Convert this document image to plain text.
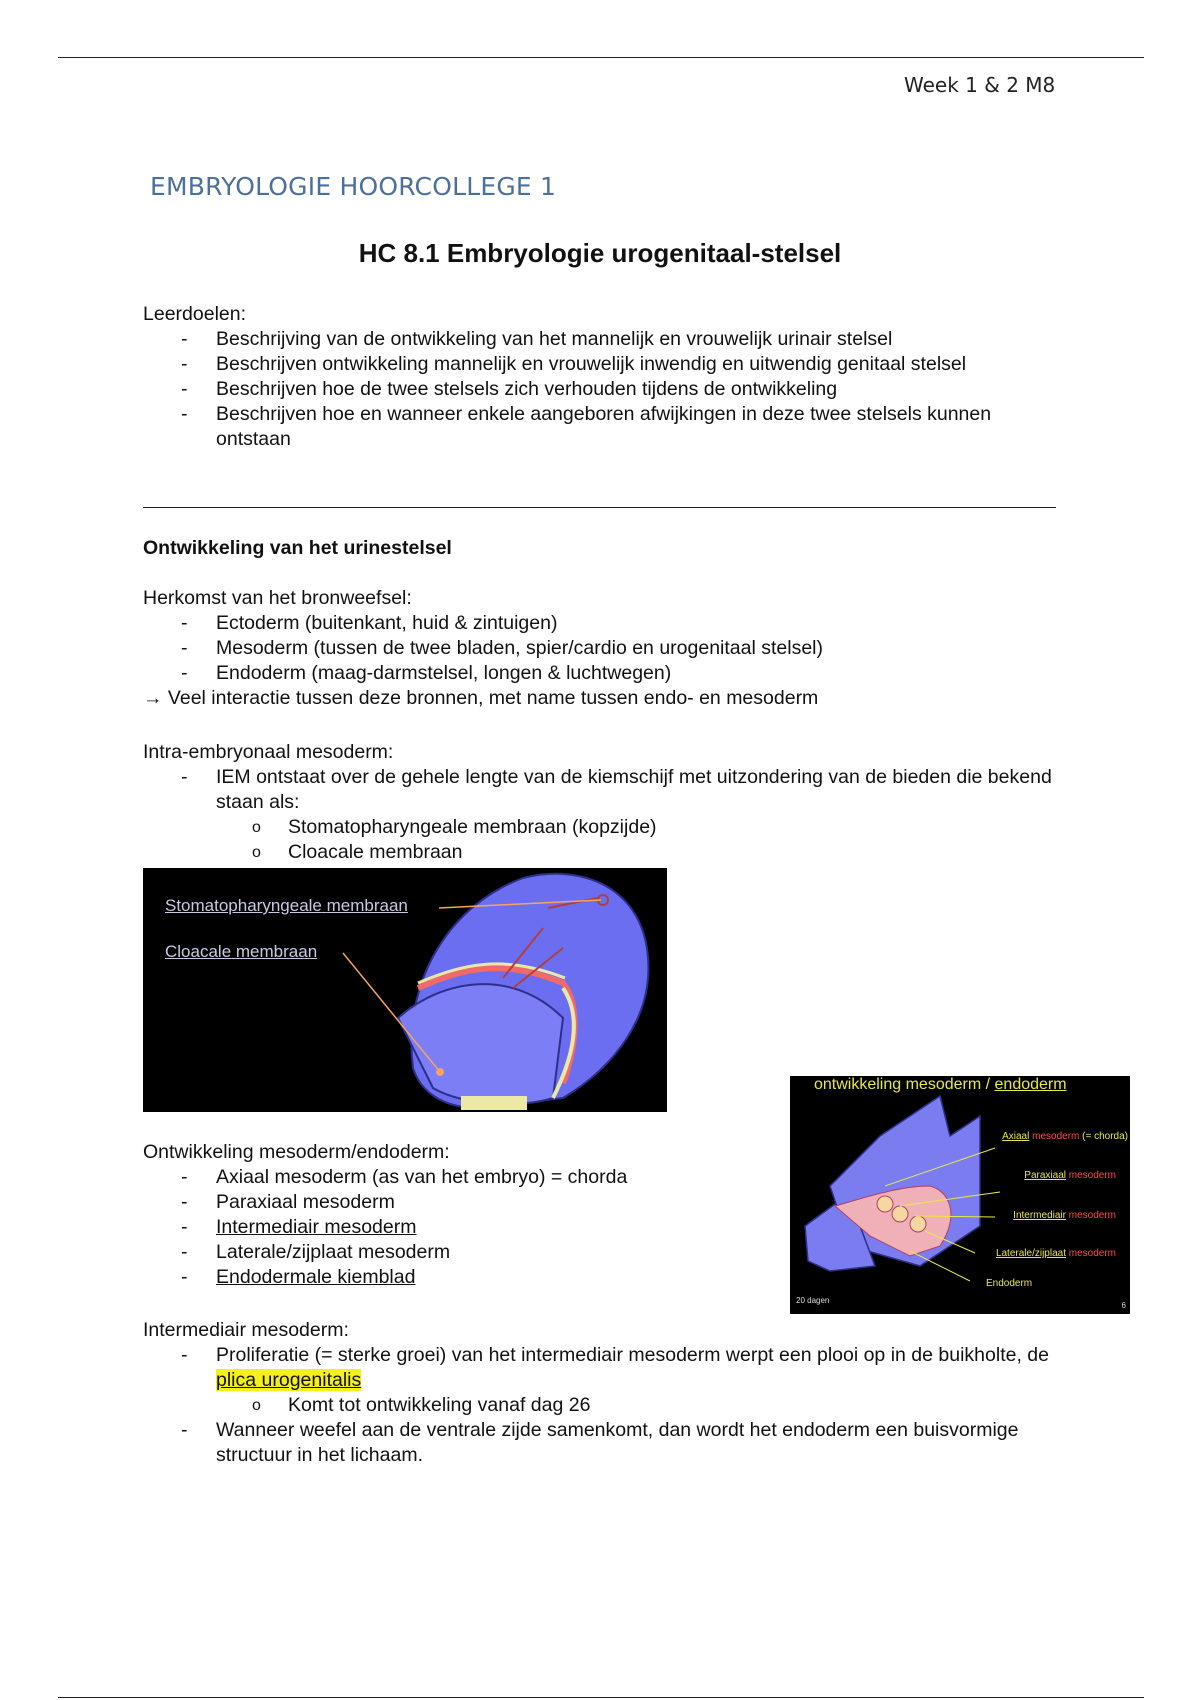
Week 1 & 2 M8
EMBRYOLOGIE HOORCOLLEGE 1
HC 8.1 Embryologie urogenitaal-stelsel
Leerdoelen:
- Beschrijving van de ontwikkeling van het mannelijk en vrouwelijk urinair stelsel
- Beschrijven ontwikkeling mannelijk en vrouwelijk inwendig en uitwendig genitaal stelsel
- Beschrijven hoe de twee stelsels zich verhouden tijdens de ontwikkeling
- Beschrijven hoe en wanneer enkele aangeboren afwijkingen in deze twee stelsels kunnen ontstaan
Ontwikkeling van het urinestelsel
Herkomst van het bronweefsel:
- Ectoderm (buitenkant, huid & zintuigen)
- Mesoderm (tussen de twee bladen, spier/cardio en urogenitaal stelsel)
- Endoderm (maag-darmstelsel, longen & luchtwegen)
→ Veel interactie tussen deze bronnen, met name tussen endo- en mesoderm
Intra-embryonaal mesoderm:
- IEM ontstaat over de gehele lengte van de kiemschijf met uitzondering van de bieden die bekend staan als:
o Stomatopharyngeale membraan (kopzijde)
o Cloacale membraan
Stomatopharyngeale membraan
Cloacale membraan
ontwikkeling mesoderm / endoderm
Axiaal mesoderm (= chorda)
Paraxiaal mesoderm
Intermediair mesoderm
Laterale/zijplaat mesoderm
Endoderm
20 dagen
6
Ontwikkeling mesoderm/endoderm:
- Axiaal mesoderm (as van het embryo) = chorda
- Paraxiaal mesoderm
- Intermediair mesoderm
- Laterale/zijplaat mesoderm
- Endodermale kiemblad
Intermediair mesoderm:
- Proliferatie (= sterke groei) van het intermediair mesoderm werpt een plooi op in de buikholte, de plica urogenitalis
o Komt tot ontwikkeling vanaf dag 26
- Wanneer weefel aan de ventrale zijde samenkomt, dan wordt het endoderm een buisvormige structuur in het lichaam.
